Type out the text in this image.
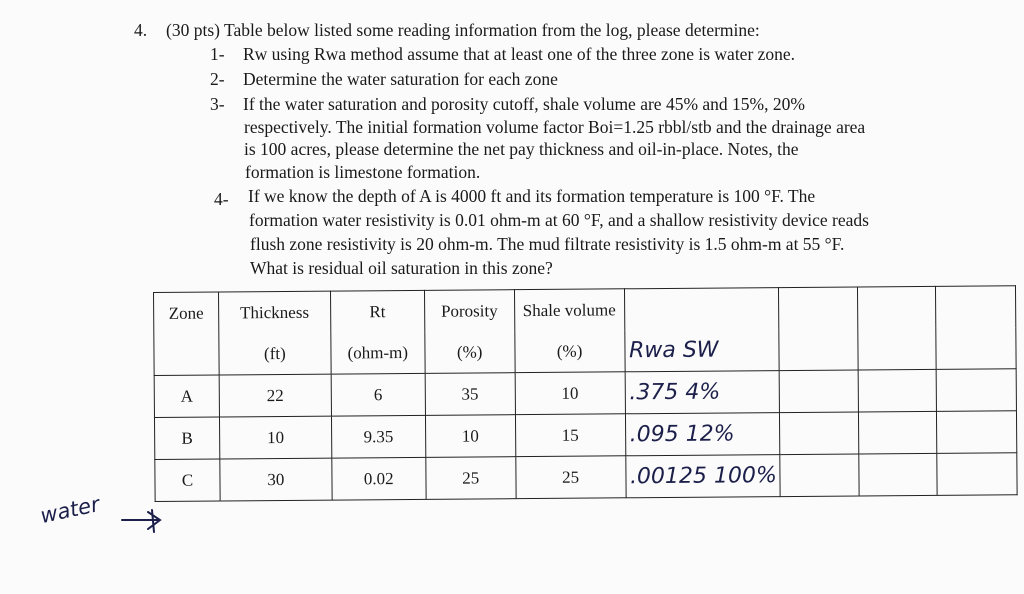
4. (30 pts) Table below listed some reading information from the log, please determine:
1- Rw using Rwa method assume that at least one of the three zone is water zone.
2- Determine the water saturation for each zone
3- If the water saturation and porosity cutoff, shale volume are 45% and 15%, 20%
respectively. The initial formation volume factor Boi=1.25 rbbl/stb and the drainage area
is 100 acres, please determine the net pay thickness and oil-in-place. Notes, the
formation is limestone formation.
4- If we know the depth of A is 4000 ft and its formation temperature is 100 °F. The
formation water resistivity is 0.01 ohm-m at 60 °F, and a shallow resistivity device reads
flush zone resistivity is 20 ohm-m. The mud filtrate resistivity is 1.5 ohm-m at 55 °F.
What is residual oil saturation in this zone?
Zone	Thickness	Rt	Porosity	Shale volume				
	(ft)	(ohm-m)	(%)	(%)	Rwa SW			
A	22	6	35	10	.375 4%			
B	10	9.35	10	15	.095 12%			
C	30	0.02	25	25	.00125 100%			
water
